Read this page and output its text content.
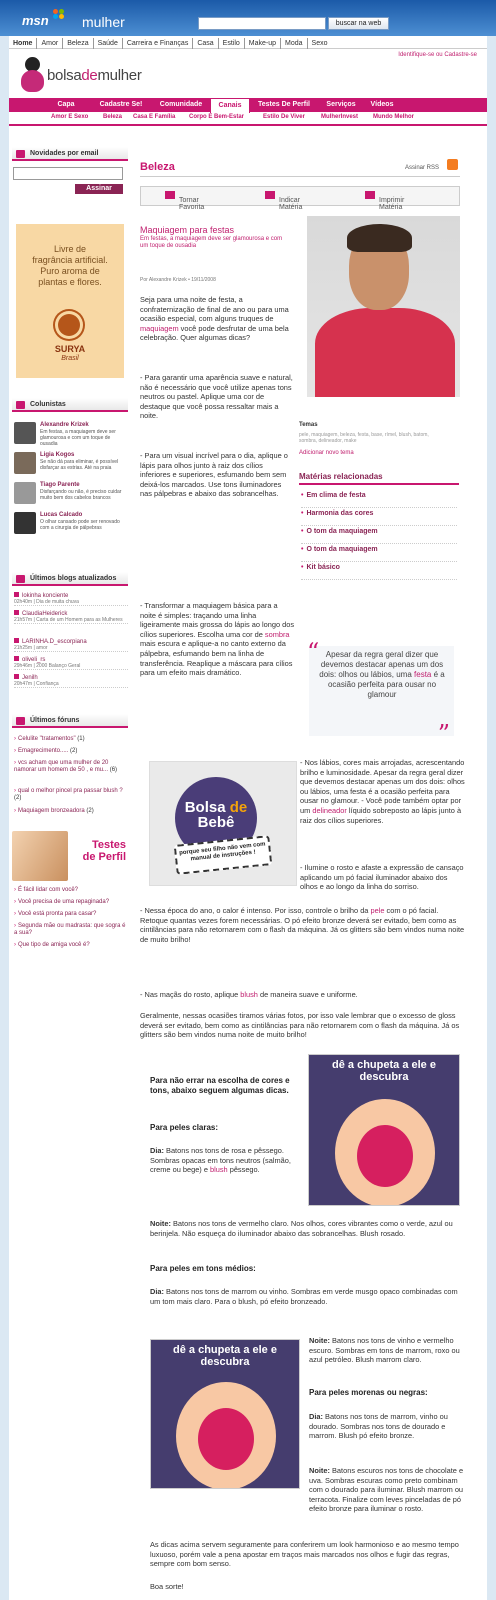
msn mulher	buscar na web
Home	Amor	Beleza	Saúde	Carreira e Finanças	Casa	Estilo	Make-up	Moda	Sexo
Identifique-se ou Cadastre-se
bolsademulher
Capa	Cadastre Se!	Comunidade	Canais	Testes De Perfil	Serviços	Vídeos
Amor E Sexo Beleza Casa E Família Corpo E Bem-Estar	Estilo De Viver	MulherInvest Mundo Melhor
Novidades por email
Assinar
Livre de
fragrância artificial.
Puro aroma de
plantas e flores.
SURYA
Brasil
Colunistas
Alexandre Krizek
Em festas, a maquiagem deve ser glamourosa e com um toque de ousadia
Ligia Kogos
Se não dá para eliminar, é possível disfarçar as estrias. Até na praia
Tiago Parente
Disfarçando ou não, é preciso cuidar muito bem dos cabelos brancos
Lucas Calcado
O olhar cansado pode ser renovado com a cirurgia de pálpebras
Últimos blogs atualizados
lokinha konciente
02h40m | Dia de muita chuva
ClaudiaHeiderick
21h57m | Carta de um Homem para as Mulheres
LARINHA.D_escorpiana
21h25m | amor
oliveli_rs
29h46m | 2000 Balanço Geral
Jenilh
20h47m | Confiança
Últimos fóruns
› Celulite "tratamentos" (1)
› Emagrecimento..... (2)
› vcs acham que uma mulher de 20 namorar um homem de 50 , e mu... (6)
› qual o melhor pincel pra passar blush ? (2)
› Maquiagem bronzeadora (2)
Testes
de Perfil
› É fácil lidar com você?
› Você precisa de uma repaginada?
› Você está pronta para casar?
› Segunda mãe ou madrasta: que sogra é a sua?
› Que tipo de amiga você é?
Beleza	Assinar RSS
Tornar Favorita
Indicar Matéria
Imprimir Matéria
Maquiagem para festas
Em festas, a maquiagem deve ser glamourosa e com um toque de ousadia
Por Alexandre Krizek • 19/11/2008
Seja para uma noite de festa, a confraternização de final de ano ou para uma ocasião especial, com alguns truques de maquiagem você pode desfrutar de uma bela celebração. Quer algumas dicas?
- Para garantir uma aparência suave e natural, não é necessário que você utilize apenas tons neutros ou pastel. Aplique uma cor de destaque que você possa ressaltar mais a noite.
- Para um visual incrível para o dia, aplique o lápis para olhos junto à raiz dos cílios inferiores e superiores, esfumando bem sem deixá-los marcados. Use tons iluminadores nas pálpebras e abaixo das sobrancelhas.
Temas
pele, maquiagem, beleza, festa, base, rímel, blush, batom, sombra, delineador, make
Adicionar novo tema
Matérias relacionadas
• Em clima de festa
• Harmonia das cores
• O tom da maquiagem
• O tom da maquiagem
• Kit básico
- Transformar a maquiagem básica para a noite é simples: traçando uma linha ligeiramente mais grossa do lápis ao longo dos cílios superiores. Escolha uma cor de sombra mais escura e aplique-a no canto externo da pálpebra, esfumando bem na linha de transferência. Reaplique a máscara para cílios para um efeito mais dramático.
“ Apesar da regra geral dizer que devemos destacar apenas um dos dois: olhos ou lábios, uma festa é a ocasião perfeita para ousar no glamour
”
Bolsa de
Bebê
porque seu filho não vem com manual de instruções !
- Nos lábios, cores mais arrojadas, acrescentando brilho e luminosidade. Apesar da regra geral dizer que devemos destacar apenas um dos dois: olhos ou lábios, uma festa é a ocasião perfeita para ousar no glamour. - Você pode também optar por um delineador líquido sobreposto ao lápis junto à raiz dos cílios superiores.
- Ilumine o rosto e afaste a expressão de cansaço aplicando um pó facial iluminador abaixo dos olhos e ao longo da linha do sorriso.
- Nessa época do ano, o calor é intenso. Por isso, controle o brilho da pele com o pó facial. Retoque quantas vezes forem necessárias. O pó efeito bronze deverá ser evitado, bem como as cintilâncias para não retornarem com o flash da máquina. Já os glitters são bem vindos numa noite de muito brilho!
- Nas maçãs do rosto, aplique blush de maneira suave e uniforme.
Geralmente, nessas ocasiões tiramos várias fotos, por isso vale lembrar que o excesso de gloss deverá ser evitado, bem como as cintilâncias para não retornarem com o flash da máquina. Já os glitters são bem vindos numa noite de muito brilho!
dê a chupeta a ele e descubra
Para não errar na escolha de cores e tons, abaixo seguem algumas dicas.
Para peles claras:
Dia: Batons nos tons de rosa e pêssego. Sombras opacas em tons neutros (salmão, creme ou bege) e blush pêssego.
Noite: Batons nos tons de vermelho claro. Nos olhos, cores vibrantes como o verde, azul ou berinjela. Não esqueça do iluminador abaixo das sobrancelhas. Blush rosado.
Para peles em tons médios:
Dia: Batons nos tons de marrom ou vinho. Sombras em verde musgo opaco combinadas com um tom mais claro. Para o blush, pó efeito bronzeado.
dê a chupeta a ele e descubra
Noite: Batons nos tons de vinho e vermelho escuro. Sombras em tons de marrom, roxo ou azul petróleo. Blush marrom claro.
Para peles morenas ou negras:
Dia: Batons nos tons de marrom, vinho ou dourado. Sombras nos tons de dourado e marrom. Blush pó efeito bronze.
Noite: Batons escuros nos tons de chocolate e uva. Sombras escuras como preto combinam com o dourado para iluminar. Blush marrom ou terracota. Finalize com leves pinceladas de pó efeito bronze para iluminar o rosto.
As dicas acima servem seguramente para conferirem um look harmonioso e ao mesmo tempo luxuoso, porém vale a pena apostar em traços mais marcados nos olhos e fugir das regras, sempre com bom senso.
Boa sorte!
